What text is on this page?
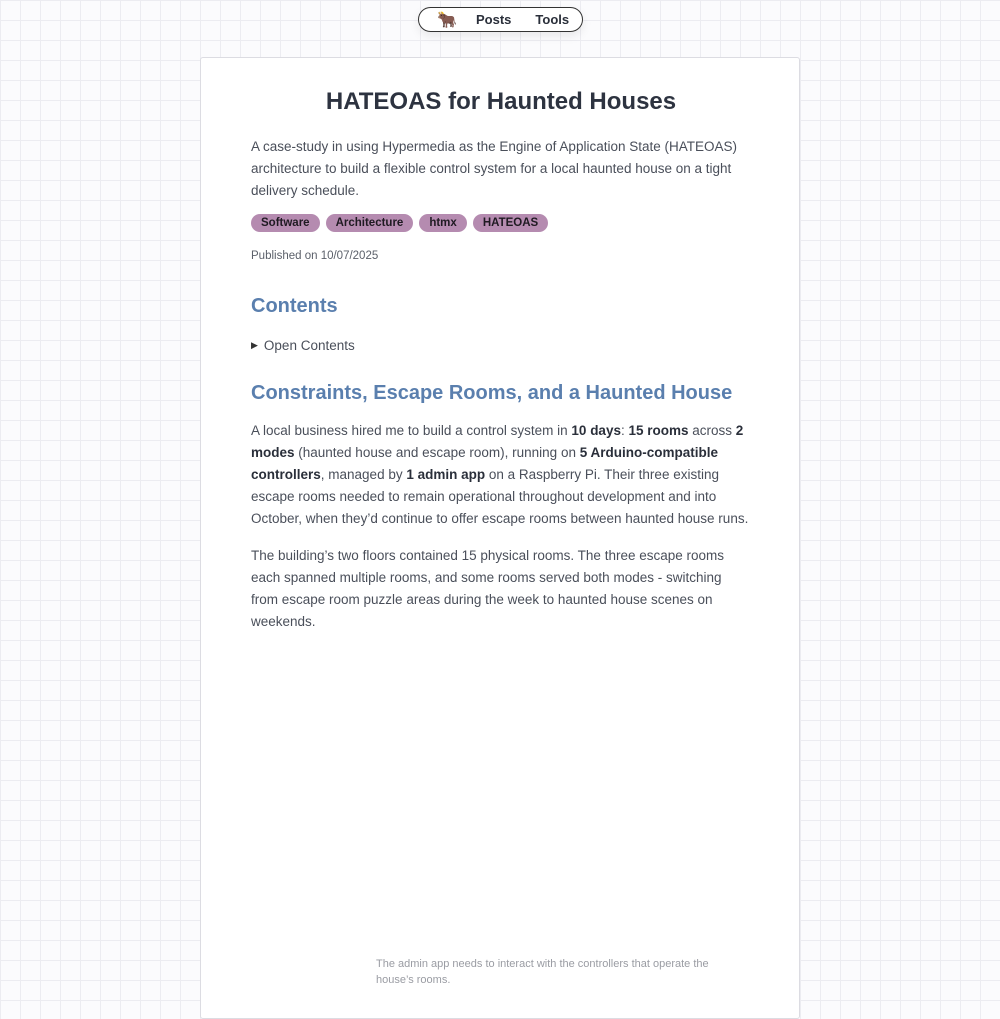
🐂 Posts Tools
HATEOAS for Haunted Houses

A case-study in using Hypermedia as the Engine of Application State (HATEOAS) architecture to build a flexible control system for a local haunted house on a tight delivery schedule.

Software	Architecture	htmx	HATEOAS
Published on 10/07/2025
Contents
▶ Open Contents
Constraints, Escape Rooms, and a Haunted House

A local business hired me to build a control system in 10 days: 15 rooms across 2 modes (haunted house and escape room), running on 5 Arduino-compatible controllers, managed by 1 admin app on a Raspberry Pi. Their three existing escape rooms needed to remain operational throughout development and into October, when they’d continue to offer escape rooms between haunted house runs.

The building’s two floors contained 15 physical rooms. The three escape rooms each spanned multiple rooms, and some rooms served both modes - switching from escape room puzzle areas during the week to haunted house scenes on weekends.

The admin app needs to interact with the controllers that operate the house’s rooms.
